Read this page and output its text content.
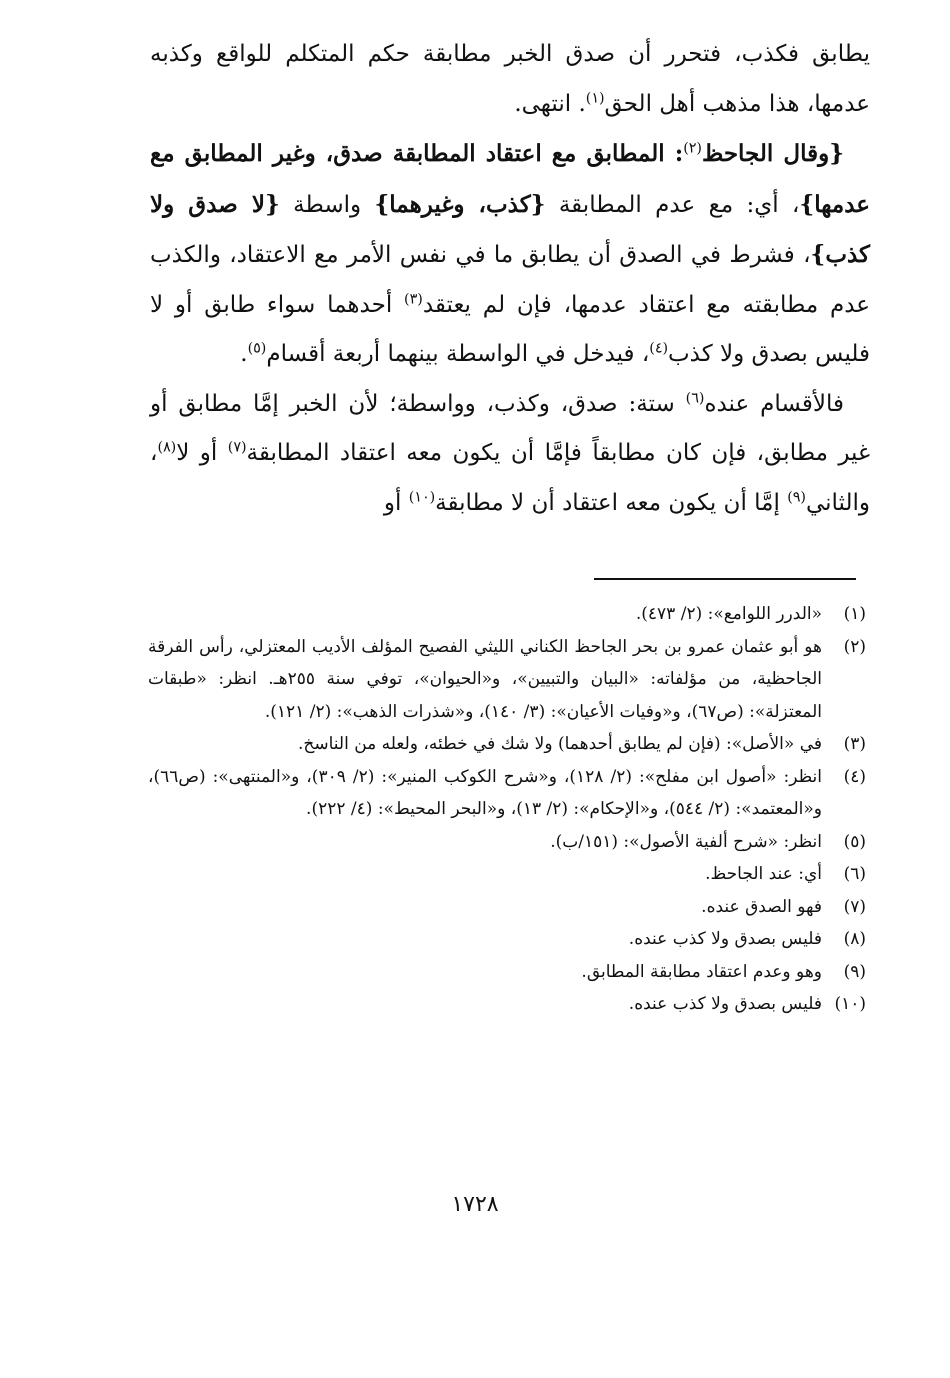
يطابق فكذب، فتحرر أن صدق الخبر مطابقة حكم المتكلم للواقع وكذبه عدمها، هذا مذهب أهل الحق$^{(١)}$. انتهى.

{وقال الجاحظ$^{(٢)}$: المطابق مع اعتقاد المطابقة صدق، وغير المطابق مع عدمها}، أي: مع عدم المطابقة {كذب، وغيرهما} واسطة {لا صدق ولا كذب}، فشرط في الصدق أن يطابق ما في نفس الأمر مع الاعتقاد، والكذب عدم مطابقته مع اعتقاد عدمها، فإن لم يعتقد$^{(٣)}$ أحدهما سواء طابق أو لا فليس بصدق ولا كذب$^{(٤)}$، فيدخل في الواسطة بينهما أربعة أقسام$^{(٥)}$.

فالأقسام عنده$^{(٦)}$ ستة: صدق، وكذب، وواسطة؛ لأن الخبر إمَّا مطابق أو غير مطابق، فإن كان مطابقاً فإمَّا أن يكون معه اعتقاد المطابقة$^{(٧)}$ أو لا$^{(٨)}$، والثاني$^{(٩)}$ إمَّا أن يكون معه اعتقاد أن لا مطابقة$^{(١٠)}$ أو

(١)
«الدرر اللوامع»: (٢/ ٤٧٣).
(٢)
هو أبو عثمان عمرو بن بحر الجاحظ الكناني الليثي الفصيح المؤلف الأديب المعتزلي، رأس الفرقة الجاحظية، من مؤلفاته: «البيان والتبيين»، و«الحيوان»، توفي سنة ٢٥٥هـ. انظر: «طبقات المعتزلة»: (ص٦٧)، و«وفيات الأعيان»: (٣/ ١٤٠)، و«شذرات الذهب»: (٢/ ١٢١).
(٣)
في «الأصل»: (فإن لم يطابق أحدهما) ولا شك في خطئه، ولعله من الناسخ.
(٤)
انظر: «أصول ابن مفلح»: (٢/ ١٢٨)، و«شرح الكوكب المنير»: (٢/ ٣٠٩)، و«المنتهى»: (ص٦٦)، و«المعتمد»: (٢/ ٥٤٤)، و«الإحكام»: (٢/ ١٣)، و«البحر المحيط»: (٤/ ٢٢٢).
(٥)
انظر: «شرح ألفية الأصول»: (١٥١/ب).
(٦)
أي: عند الجاحظ.
(٧)
فهو الصدق عنده.
(٨)
فليس بصدق ولا كذب عنده.
(٩)
وهو وعدم اعتقاد مطابقة المطابق.
(١٠)
فليس بصدق ولا كذب عنده.
١٧٢٨
